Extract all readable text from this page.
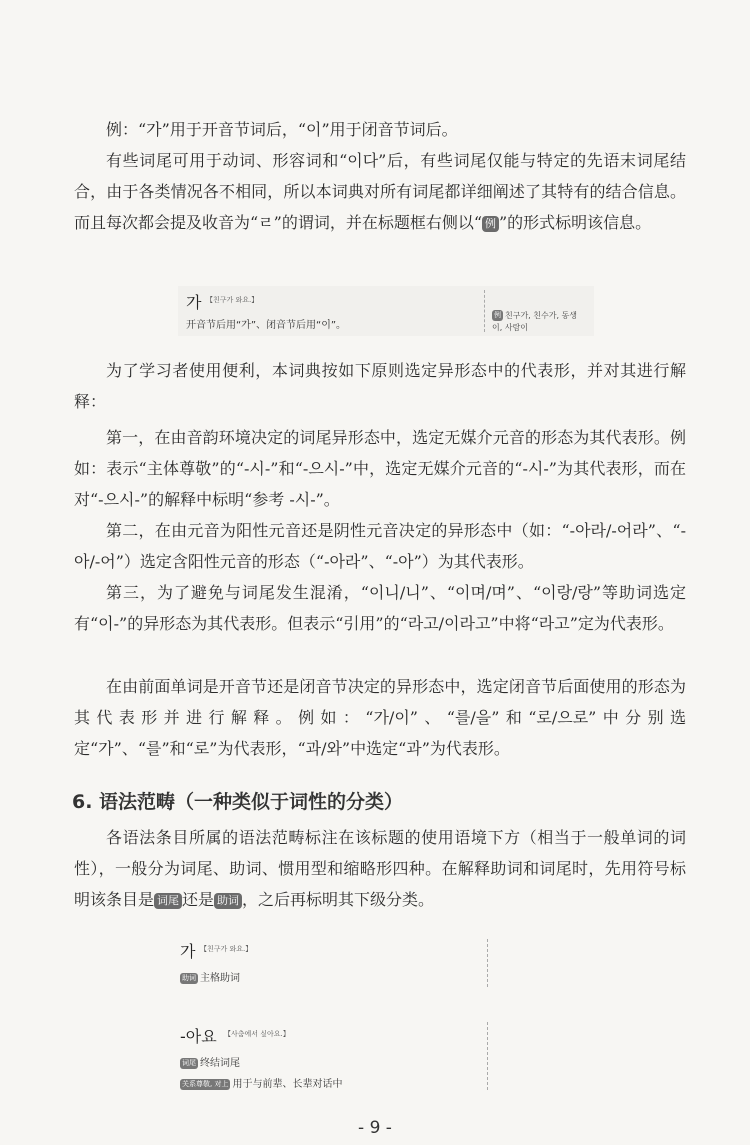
例：“가”用于开音节词后，“이”用于闭音节词后。

有些词尾可用于动词、形容词和“이다”后，有些词尾仅能与特定的先语末词尾结合，由于各类情况各不相同，所以本词典对所有词尾都详细阐述了其特有的结合信息。而且每次都会提及收音为“ㄹ”的谓词，并在标题框右侧以“ 例 ”的形式标明该信息。

가 【친구가 와요.】
开音节后用“가”、闭音节后用“이”。
例 친구가, 친수가, 동생
이, 사람이

为了学习者使用便利，本词典按如下原则选定异形态中的代表形，并对其进行解释：

第一，在由音韵环境决定的词尾异形态中，选定无媒介元音的形态为其代表形。例如：表示“主体尊敬”的“-시-”和“-으시-”中，选定无媒介元音的“-시-”为其代表形，而在对“-으시-”的解释中标明“参考 -시-”。

第二，在由元音为阳性元音还是阴性元音决定的异形态中（如：“-아라/-어라”、“-아/-어”）选定含阳性元音的形态（“-아라”、“-아”）为其代表形。

第三，为了避免与词尾发生混淆，“이니/니”、“이며/며”、“이랑/랑”等助词选定有“이-”的异形态为其代表形。但表示“引用”的“라고/이라고”中将“라고”定为代表形。

在由前面单词是开音节还是闭音节决定的异形态中，选定闭音节后面使用的形态为其代表形并进行解释。例如：“가/이”、“를/을”和“로/으로”中分别选定“가”、“를”和“로”为代表形，“과/와”中选定“과”为代表形。

6. 语法范畴（一种类似于词性的分类）

各语法条目所属的语法范畴标注在该标题的使用语境下方（相当于一般单词的词性），一般分为词尾、助词、惯用型和缩略形四种。在解释助词和词尾时，先用符号标明该条目是 词尾 还是 助词 ，之后再标明其下级分类。

가 【친구가 와요.】
助词 主格助词
-아요 【사춤에서 싶아요.】
词尾 终结词尾
关系尊敬, 对上 用于与前辈、长辈对话中
- 9 -
